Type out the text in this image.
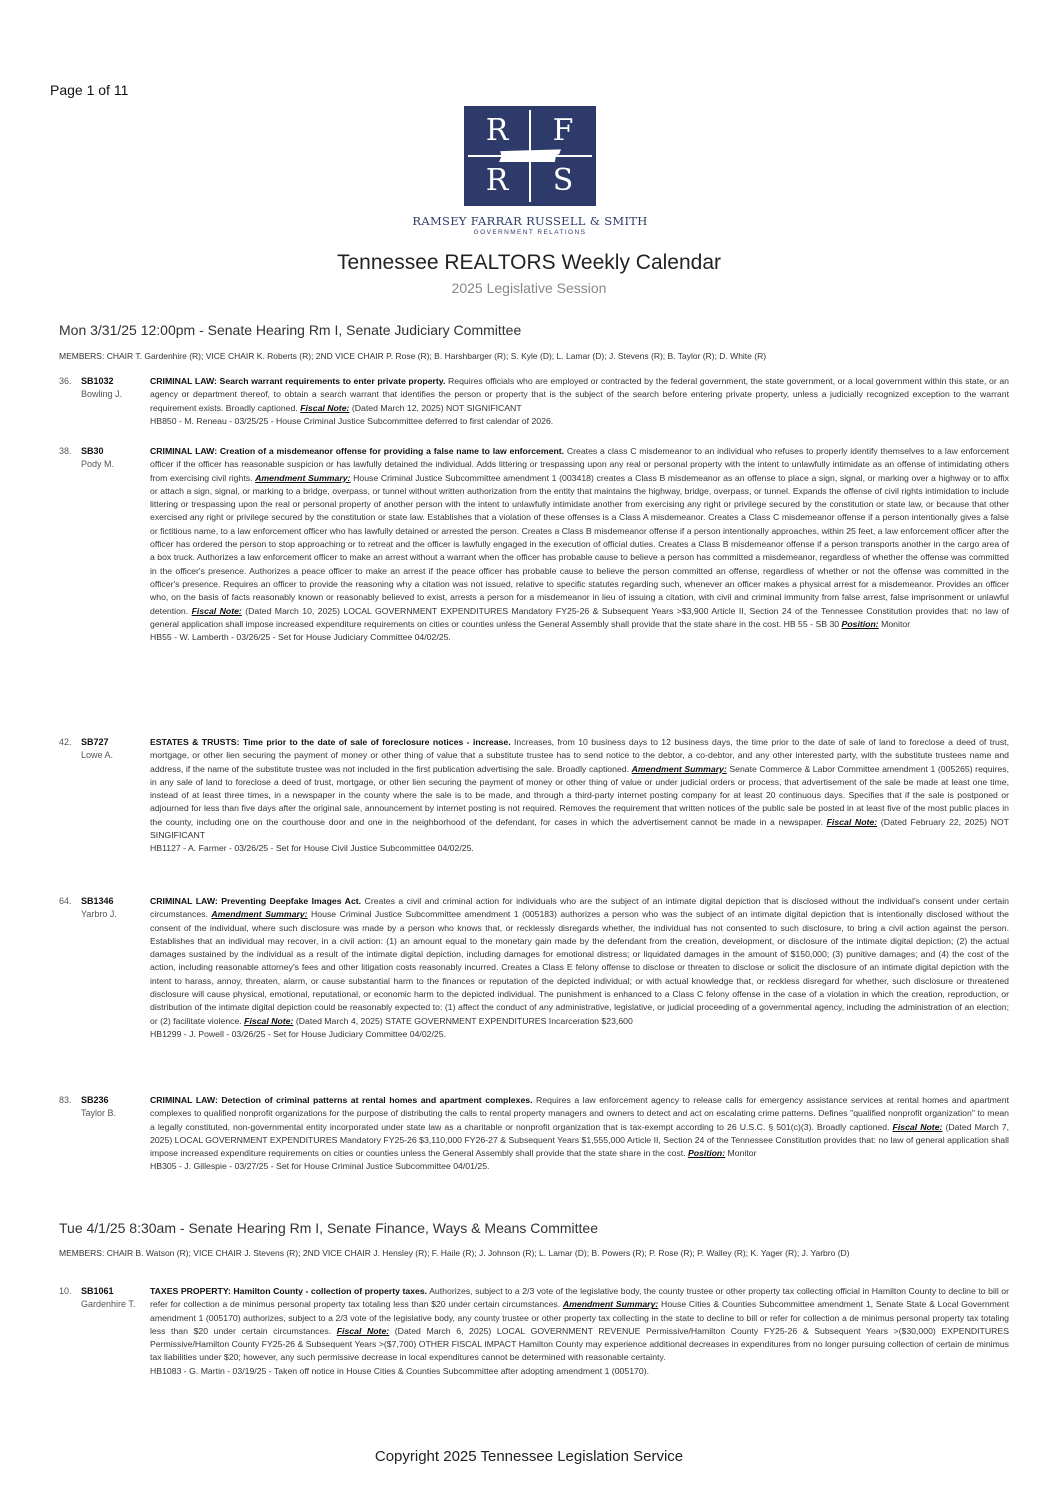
Page 1 of 11
R	F
R	S
RAMSEY FARRAR RUSSELL & SMITH
GOVERNMENT RELATIONS
Tennessee REALTORS Weekly Calendar
2025 Legislative Session
Mon 3/31/25 12:00pm - Senate Hearing Rm I, Senate Judiciary Committee
MEMBERS: CHAIR T. Gardenhire (R); VICE CHAIR K. Roberts (R); 2ND VICE CHAIR P. Rose (R); B. Harshbarger (R); S. Kyle (D); L. Lamar (D); J. Stevens (R); B. Taylor (R); D. White (R)
36. SB1032
Bowling J.
CRIMINAL LAW: Search warrant requirements to enter private property. Requires officials who are employed or contracted by the federal government, the state government, or a local government within this state, or an agency or department thereof, to obtain a search warrant that identifies the person or property that is the subject of the search before entering private property, unless a judicially recognized exception to the warrant requirement exists. Broadly captioned. Fiscal Note: (Dated March 12, 2025) NOT SIGNIFICANT
HB850 - M. Reneau - 03/25/25 - House Criminal Justice Subcommittee deferred to first calendar of 2026.
38. SB30
Pody M.
CRIMINAL LAW: Creation of a misdemeanor offense for providing a false name to law enforcement. Creates a class C misdemeanor to an individual who refuses to properly identify themselves to a law enforcement officer if the officer has reasonable suspicion or has lawfully detained the individual. Adds littering or trespassing upon any real or personal property with the intent to unlawfully intimidate as an offense of intimidating others from exercising civil rights. Amendment Summary: House Criminal Justice Subcommittee amendment 1 (003418) creates a Class B misdemeanor as an offense to place a sign, signal, or marking over a highway or to affix or attach a sign, signal, or marking to a bridge, overpass, or tunnel without written authorization from the entity that maintains the highway, bridge, overpass, or tunnel. Expands the offense of civil rights intimidation to include littering or trespassing upon the real or personal property of another person with the intent to unlawfully intimidate another from exercising any right or privilege secured by the constitution or state law, or because that other exercised any right or privilege secured by the constitution or state law. Establishes that a violation of these offenses is a Class A misdemeanor. Creates a Class C misdemeanor offense if a person intentionally gives a false or fictitious name, to a law enforcement officer who has lawfully detained or arrested the person. Creates a Class B misdemeanor offense if a person intentionally approaches, within 25 feet, a law enforcement officer after the officer has ordered the person to stop approaching or to retreat and the officer is lawfully engaged in the execution of official duties. Creates a Class B misdemeanor offense if a person transports another in the cargo area of a box truck. Authorizes a law enforcement officer to make an arrest without a warrant when the officer has probable cause to believe a person has committed a misdemeanor, regardless of whether the offense was committed in the officer's presence. Authorizes a peace officer to make an arrest if the peace officer has probable cause to believe the person committed an offense, regardless of whether or not the offense was committed in the officer's presence. Requires an officer to provide the reasoning why a citation was not issued, relative to specific statutes regarding such, whenever an officer makes a physical arrest for a misdemeanor. Provides an officer who, on the basis of facts reasonably known or reasonably believed to exist, arrests a person for a misdemeanor in lieu of issuing a citation, with civil and criminal immunity from false arrest, false imprisonment or unlawful detention. Fiscal Note: (Dated March 10, 2025) LOCAL GOVERNMENT EXPENDITURES Mandatory FY25-26 & Subsequent Years >$3,900 Article II, Section 24 of the Tennessee Constitution provides that: no law of general application shall impose increased expenditure requirements on cities or counties unless the General Assembly shall provide that the state share in the cost. HB 55 - SB 30 Position: Monitor
HB55 - W. Lamberth - 03/26/25 - Set for House Judiciary Committee 04/02/25.
42. SB727
Lowe A.
ESTATES & TRUSTS: Time prior to the date of sale of foreclosure notices - increase. Increases, from 10 business days to 12 business days, the time prior to the date of sale of land to foreclose a deed of trust, mortgage, or other lien securing the payment of money or other thing of value that a substitute trustee has to send notice to the debtor, a co-debtor, and any other interested party, with the substitute trustees name and address, if the name of the substitute trustee was not included in the first publication advertising the sale. Broadly captioned. Amendment Summary: Senate Commerce & Labor Committee amendment 1 (005265) requires, in any sale of land to foreclose a deed of trust, mortgage, or other lien securing the payment of money or other thing of value or under judicial orders or process, that advertisement of the sale be made at least one time, instead of at least three times, in a newspaper in the county where the sale is to be made, and through a third-party internet posting company for at least 20 continuous days. Specifies that if the sale is postponed or adjourned for less than five days after the original sale, announcement by internet posting is not required. Removes the requirement that written notices of the public sale be posted in at least five of the most public places in the county, including one on the courthouse door and one in the neighborhood of the defendant, for cases in which the advertisement cannot be made in a newspaper. Fiscal Note: (Dated February 22, 2025) NOT SINGIFICANT
HB1127 - A. Farmer - 03/26/25 - Set for House Civil Justice Subcommittee 04/02/25.
64. SB1346
Yarbro J.
CRIMINAL LAW: Preventing Deepfake Images Act. Creates a civil and criminal action for individuals who are the subject of an intimate digital depiction that is disclosed without the individual's consent under certain circumstances. Amendment Summary: House Criminal Justice Subcommittee amendment 1 (005183) authorizes a person who was the subject of an intimate digital depiction that is intentionally disclosed without the consent of the individual, where such disclosure was made by a person who knows that, or recklessly disregards whether, the individual has not consented to such disclosure, to bring a civil action against the person. Establishes that an individual may recover, in a civil action: (1) an amount equal to the monetary gain made by the defendant from the creation, development, or disclosure of the intimate digital depiction; (2) the actual damages sustained by the individual as a result of the intimate digital depiction, including damages for emotional distress; or liquidated damages in the amount of $150,000; (3) punitive damages; and (4) the cost of the action, including reasonable attorney's fees and other litigation costs reasonably incurred. Creates a Class E felony offense to disclose or threaten to disclose or solicit the disclosure of an intimate digital depiction with the intent to harass, annoy, threaten, alarm, or cause substantial harm to the finances or reputation of the depicted individual; or with actual knowledge that, or reckless disregard for whether, such disclosure or threatened disclosure will cause physical, emotional, reputational, or economic harm to the depicted individual. The punishment is enhanced to a Class C felony offense in the case of a violation in which the creation, reproduction, or distribution of the intimate digital depiction could be reasonably expected to: (1) affect the conduct of any administrative, legislative, or judicial proceeding of a governmental agency, including the administration of an election; or (2) facilitate violence. Fiscal Note: (Dated March 4, 2025) STATE GOVERNMENT EXPENDITURES Incarceration $23,600
HB1299 - J. Powell - 03/26/25 - Set for House Judiciary Committee 04/02/25.
83. SB236
Taylor B.
CRIMINAL LAW: Detection of criminal patterns at rental homes and apartment complexes. Requires a law enforcement agency to release calls for emergency assistance services at rental homes and apartment complexes to qualified nonprofit organizations for the purpose of distributing the calls to rental property managers and owners to detect and act on escalating crime patterns. Defines "qualified nonprofit organization" to mean a legally constituted, non-governmental entity incorporated under state law as a charitable or nonprofit organization that is tax-exempt according to 26 U.S.C. § 501(c)(3). Broadly captioned. Fiscal Note: (Dated March 7, 2025) LOCAL GOVERNMENT EXPENDITURES Mandatory FY25-26 $3,110,000 FY26-27 & Subsequent Years $1,555,000 Article II, Section 24 of the Tennessee Constitution provides that: no law of general application shall impose increased expenditure requirements on cities or counties unless the General Assembly shall provide that the state share in the cost. Position: Monitor
HB305 - J. Gillespie - 03/27/25 - Set for House Criminal Justice Subcommittee 04/01/25.
Tue 4/1/25 8:30am - Senate Hearing Rm I, Senate Finance, Ways & Means Committee
MEMBERS: CHAIR B. Watson (R); VICE CHAIR J. Stevens (R); 2ND VICE CHAIR J. Hensley (R); F. Haile (R); J. Johnson (R); L. Lamar (D); B. Powers (R); P. Rose (R); P. Walley (R); K. Yager (R); J. Yarbro (D)
10. SB1061
Gardenhire T.
TAXES PROPERTY: Hamilton County - collection of property taxes. Authorizes, subject to a 2/3 vote of the legislative body, the county trustee or other property tax collecting official in Hamilton County to decline to bill or refer for collection a de minimus personal property tax totaling less than $20 under certain circumstances. Amendment Summary: House Cities & Counties Subcommittee amendment 1, Senate State & Local Government amendment 1 (005170) authorizes, subject to a 2/3 vote of the legislative body, any county trustee or other property tax collecting in the state to decline to bill or refer for collection a de minimus personal property tax totaling less than $20 under certain circumstances. Fiscal Note: (Dated March 6, 2025) LOCAL GOVERNMENT REVENUE Permissive/Hamilton County FY25-26 & Subsequent Years >($30,000) EXPENDITURES Permissive/Hamilton County FY25-26 & Subsequent Years >($7,700) OTHER FISCAL IMPACT Hamilton County may experience additional decreases in expenditures from no longer pursuing collection of certain de minimus tax liabilities under $20; however, any such permissive decrease in local expenditures cannot be determined with reasonable certainty.
HB1083 - G. Martin - 03/19/25 - Taken off notice in House Cities & Counties Subcommittee after adopting amendment 1 (005170).
Copyright 2025 Tennessee Legislation Service
